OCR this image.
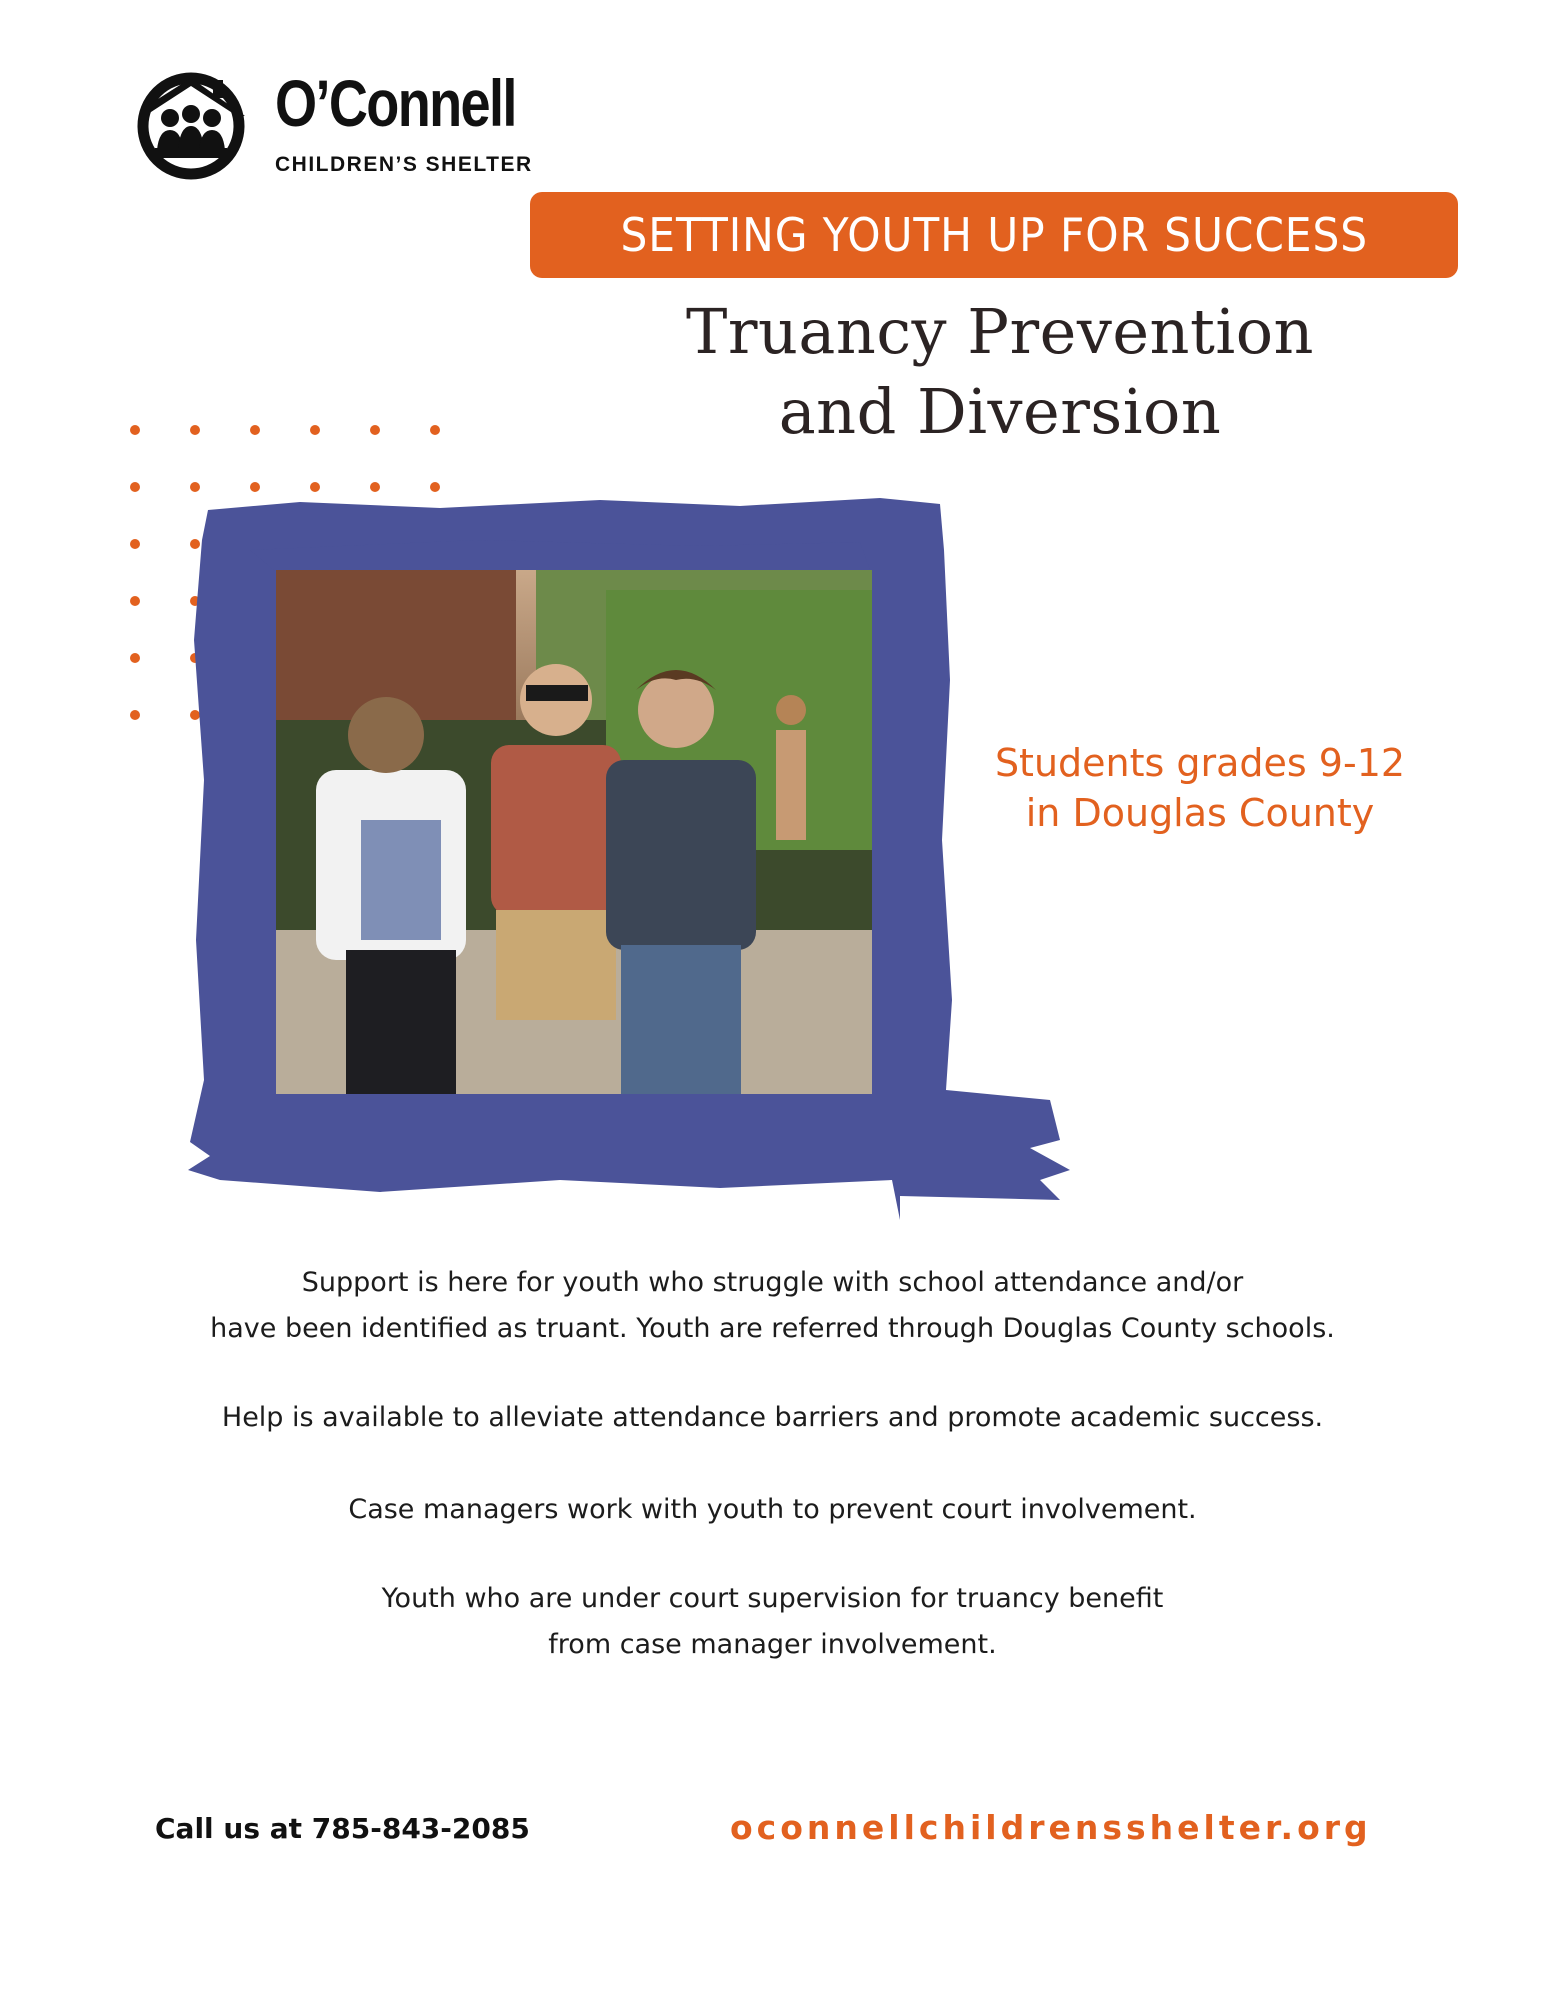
O’Connell
CHILDREN’S SHELTER
SETTING YOUTH UP FOR SUCCESS
Truancy Prevention
and Diversion
Students grades 9-12
in Douglas County
Support is here for youth who struggle with school attendance and/or
have been identified as truant. Youth are referred through Douglas County schools.
Help is available to alleviate attendance barriers and promote academic success.
Case managers work with youth to prevent court involvement.
Youth who are under court supervision for truancy benefit
from case manager involvement.
Call us at 785-843-2085	oconnellchildrensshelter.org
